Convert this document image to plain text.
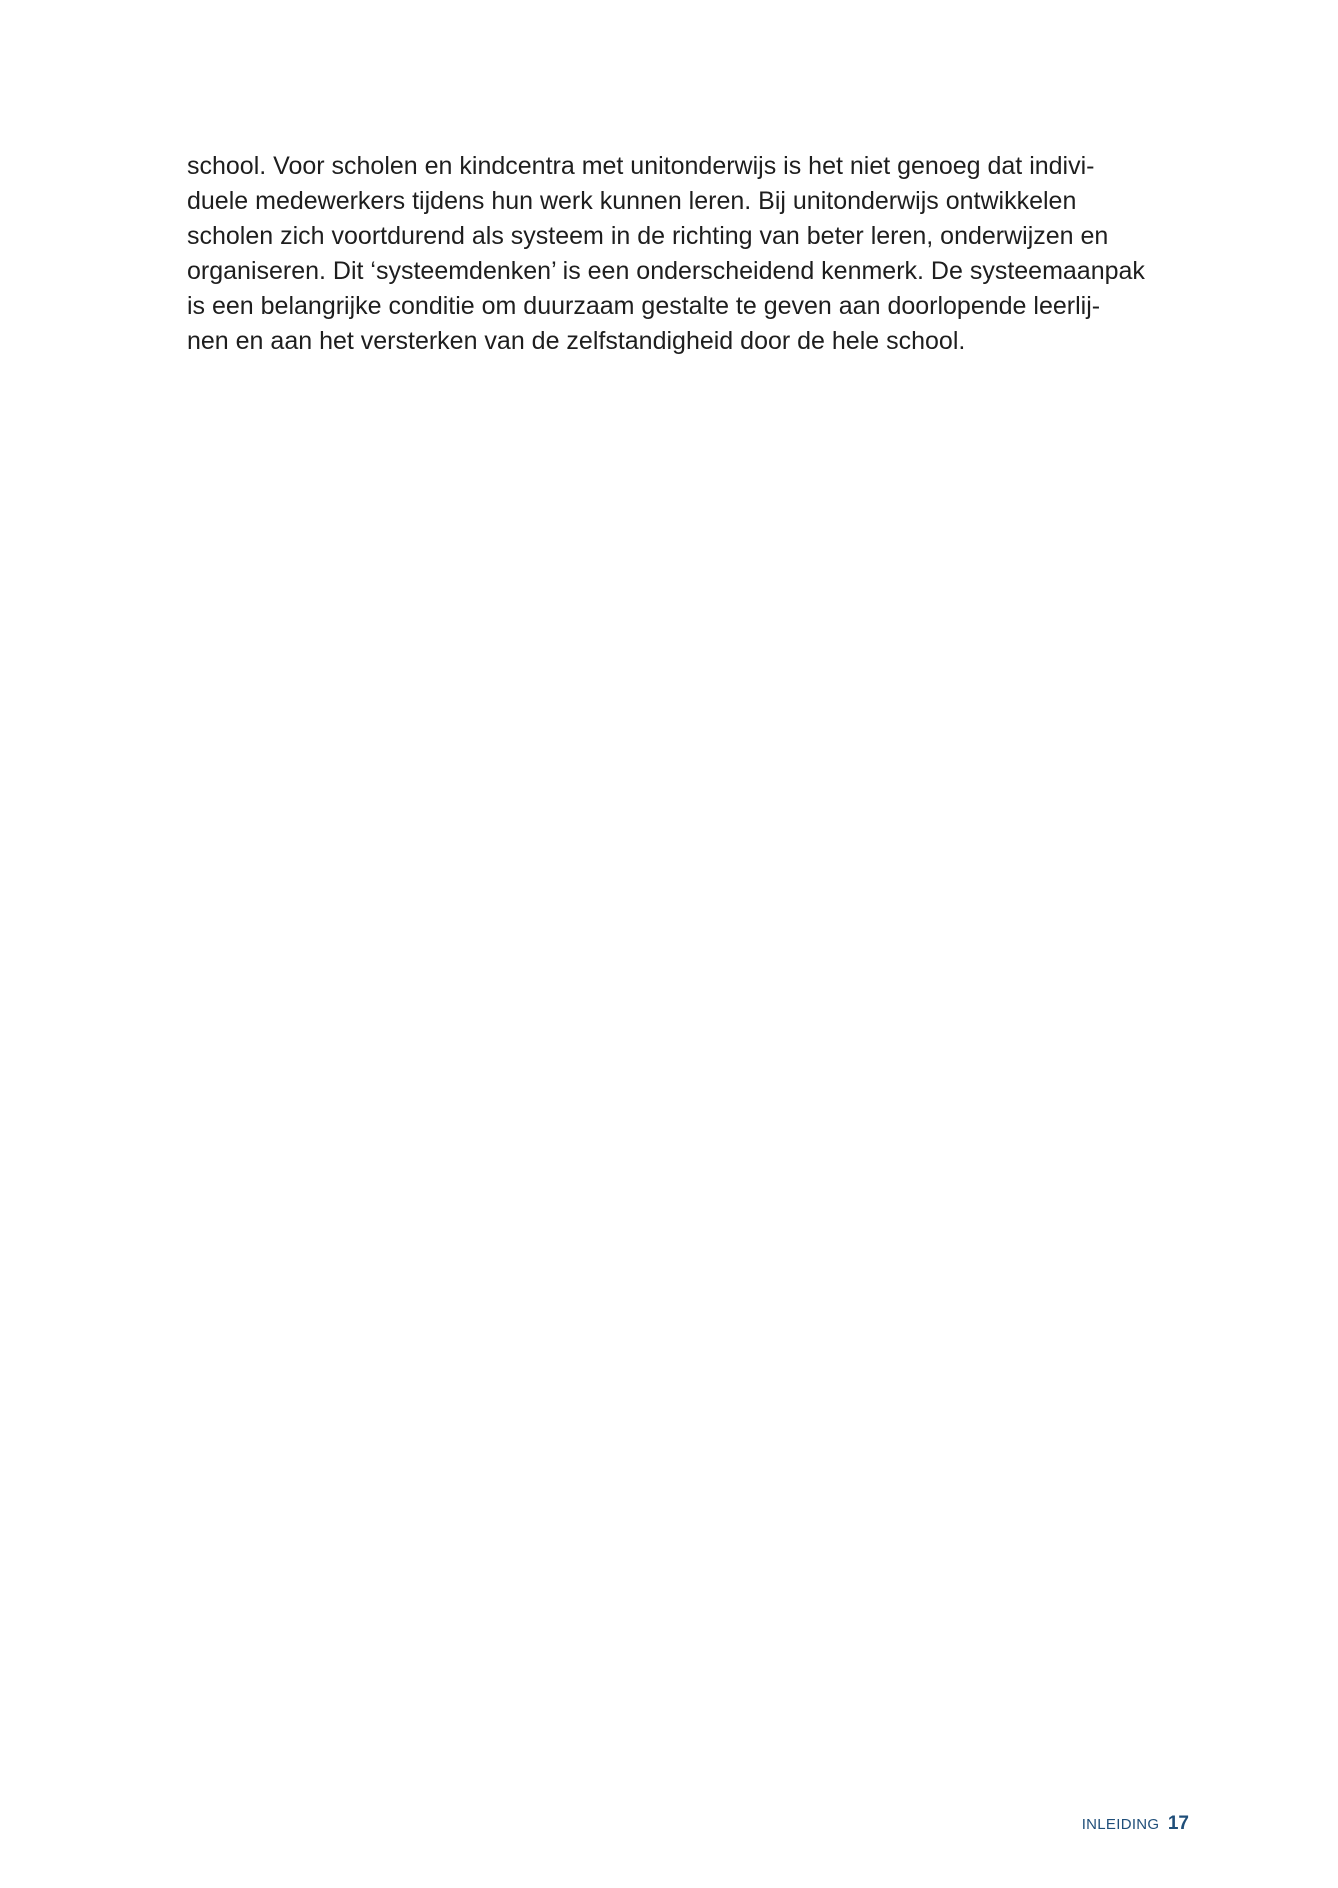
school. Voor scholen en kindcentra met unitonderwijs is het niet genoeg dat indivi-
duele medewerkers tijdens hun werk kunnen leren. Bij unitonderwijs ontwikkelen
scholen zich voortdurend als systeem in de richting van beter leren, onderwijzen en
organiseren. Dit ‘systeemdenken’ is een onderscheidend kenmerk. De systeemaanpak
is een belangrijke conditie om duurzaam gestalte te geven aan doorlopende leerlij-
nen en aan het versterken van de zelfstandigheid door de hele school.

INLEIDING 17
